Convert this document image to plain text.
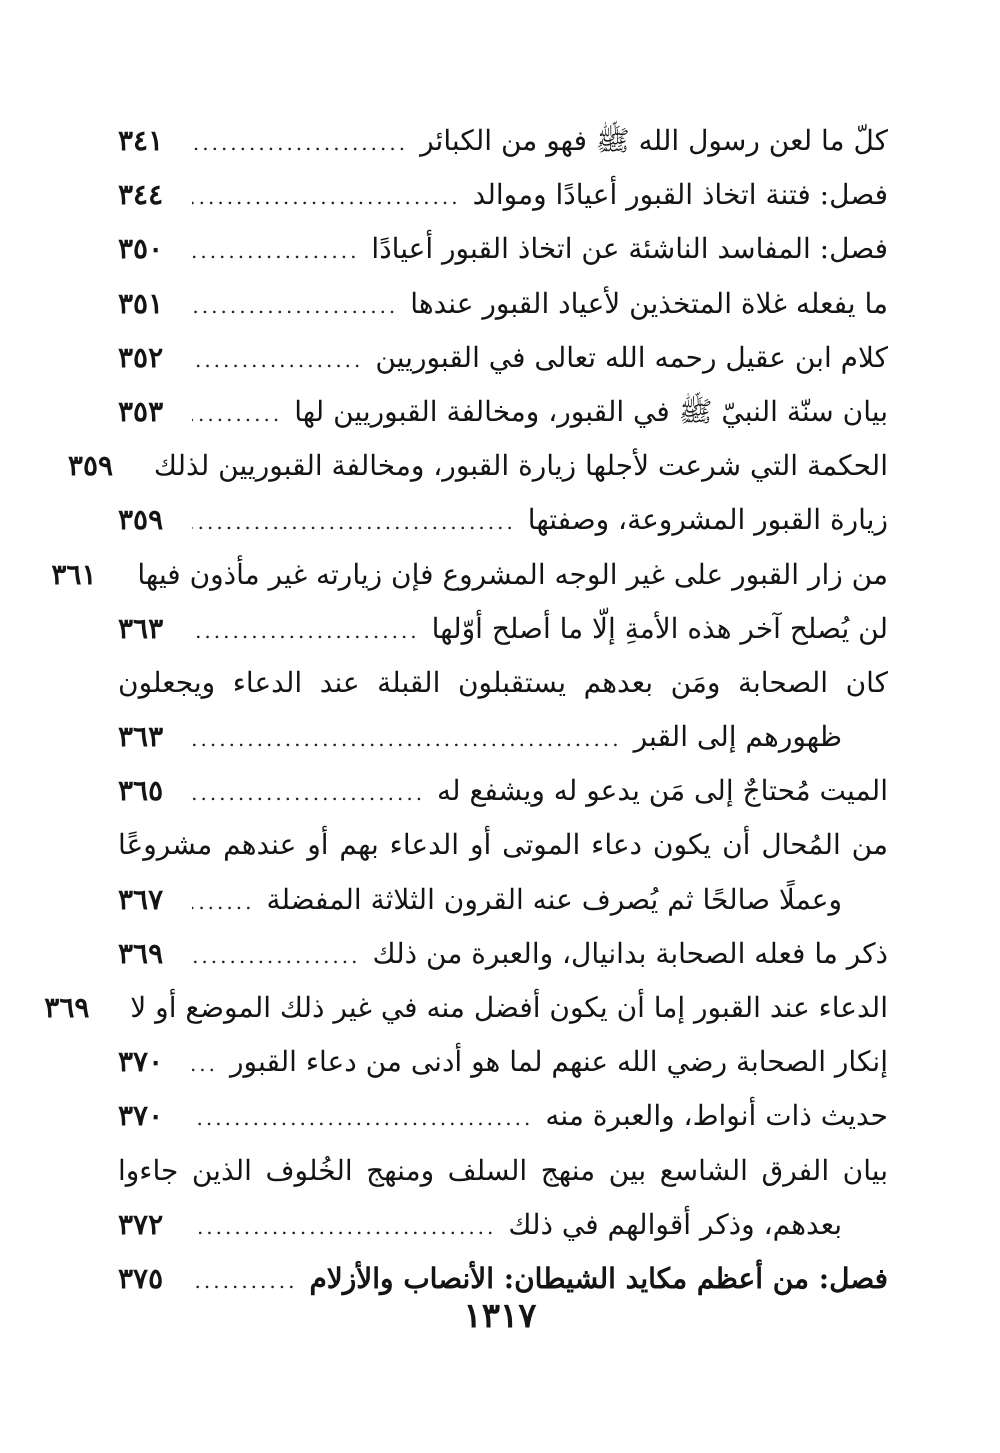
كلّ ما لعن رسول الله ﷺ فهو من الكبائر
.....
٣٤١
فصل: فتنة اتخاذ القبور أعيادًا وموالد
.....
٣٤٤
فصل: المفاسد الناشئة عن اتخاذ القبور أعيادًا
.....
٣٥٠
ما يفعله غلاة المتخذين لأعياد القبور عندها
.....
٣٥١
كلام ابن عقيل رحمه الله تعالى في القبوريين
.....
٣٥٢
بيان سنّة النبيّ ﷺ في القبور، ومخالفة القبوريين لها
.....
٣٥٣
الحكمة التي شرعت لأجلها زيارة القبور، ومخالفة القبوريين لذلك
٣٥٩
زيارة القبور المشروعة، وصفتها
.....
٣٥٩
من زار القبور على غير الوجه المشروع فإن زيارته غير مأذون فيها
٣٦١
لن يُصلح آخر هذه الأمةِ إلّا ما أصلح أوّلها
.....
٣٦٣
كان الصحابة ومَن بعدهم يستقبلون القبلة عند الدعاء ويجعلون
ظهورهم إلى القبر
.....
٣٦٣
الميت مُحتاجٌ إلى مَن يدعو له ويشفع له
.....
٣٦٥
من المُحال أن يكون دعاء الموتى أو الدعاء بهم أو عندهم مشروعًا
وعملًا صالحًا ثم يُصرف عنه القرون الثلاثة المفضلة
.....
٣٦٧
ذكر ما فعله الصحابة بدانيال، والعبرة من ذلك
.....
٣٦٩
الدعاء عند القبور إما أن يكون أفضل منه في غير ذلك الموضع أو لا
٣٦٩
إنكار الصحابة رضي الله عنهم لما هو أدنى من دعاء القبور
.....
٣٧٠
حديث ذات أنواط، والعبرة منه
.....
٣٧٠
بيان الفرق الشاسع بين منهج السلف ومنهج الخُلوف الذين جاءوا
بعدهم، وذكر أقوالهم في ذلك
.....
٣٧٢
فصل: من أعظم مكايد الشيطان: الأنصاب والأزلام
.....
٣٧٥
١٣١٧
